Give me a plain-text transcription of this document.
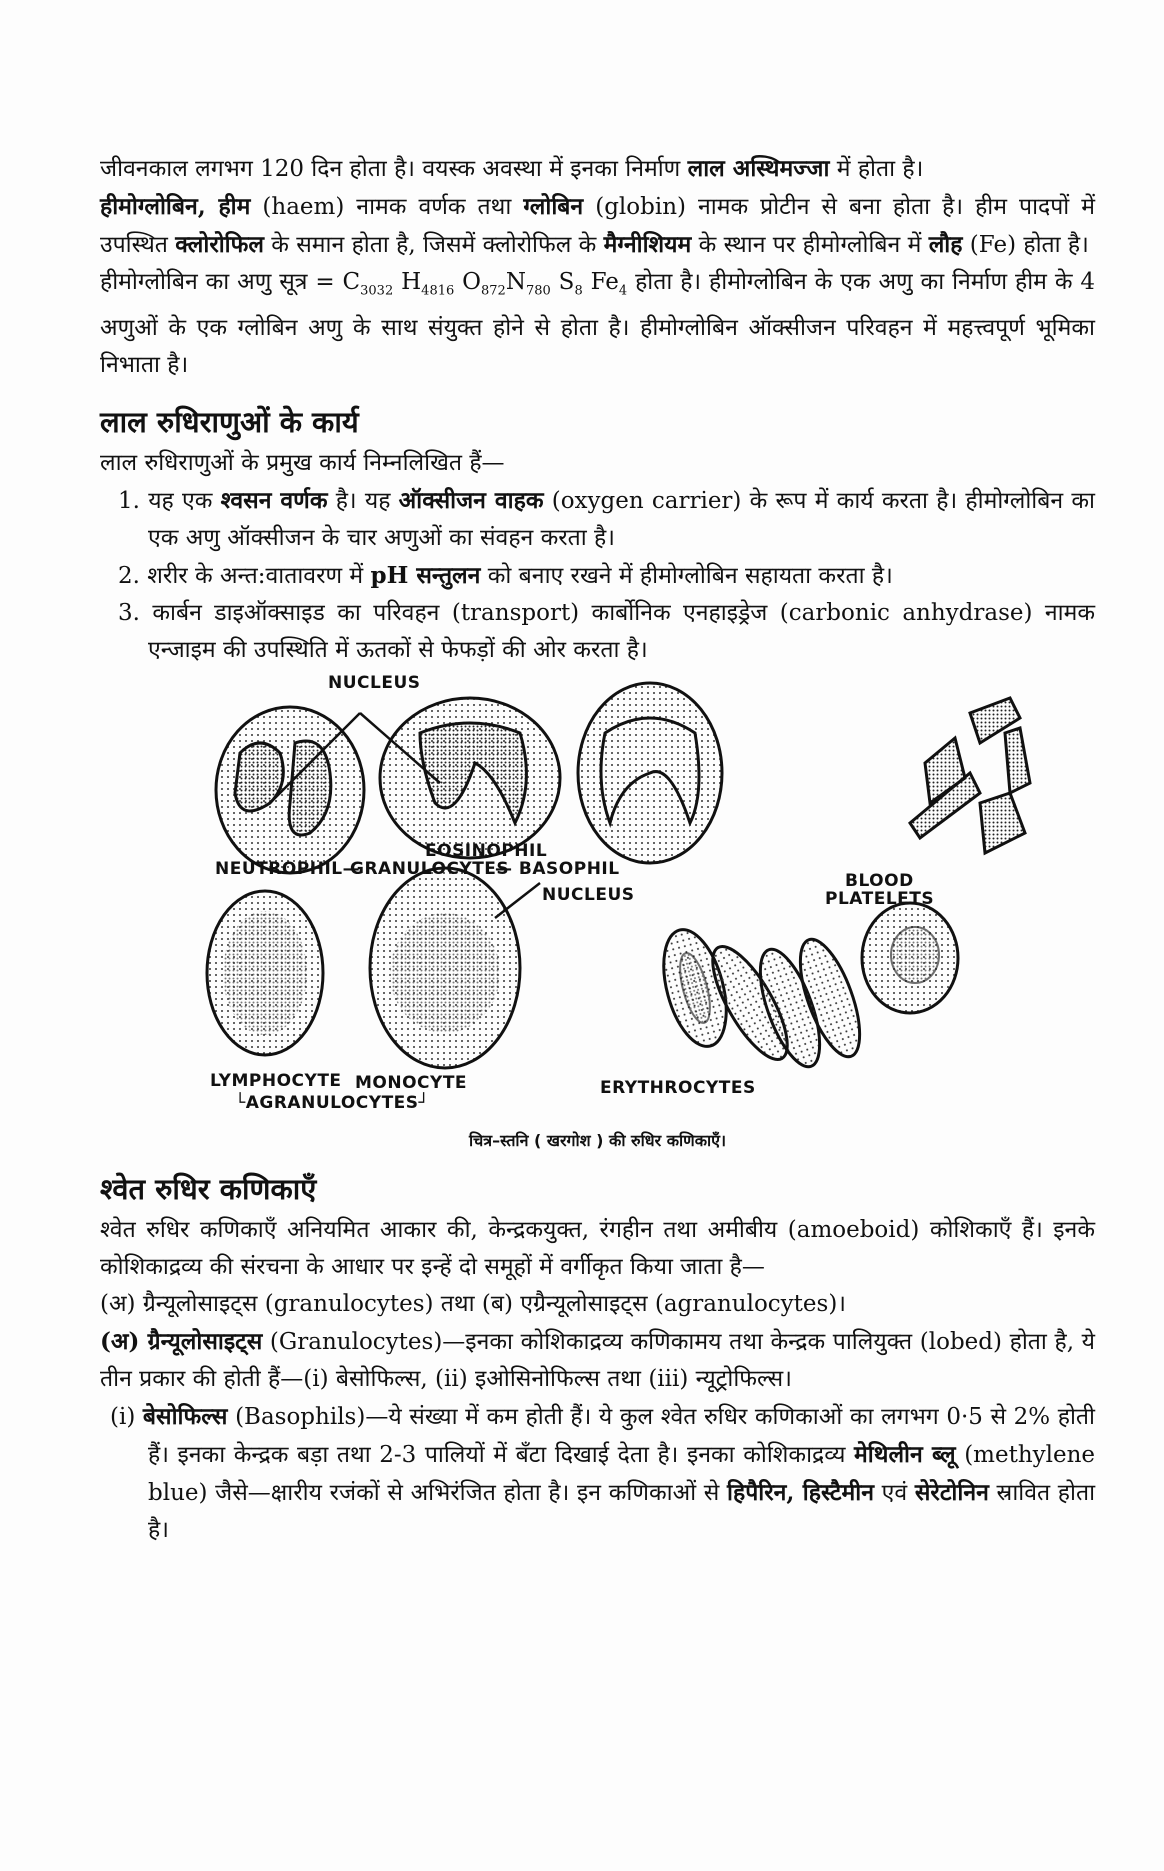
जीवनकाल लगभग 120 दिन होता है। वयस्क अवस्था में इनका निर्माण लाल अस्थिमज्जा में होता है।

हीमोग्लोबिन, हीम (haem) नामक वर्णक तथा ग्लोबिन (globin) नामक प्रोटीन से बना होता है। हीम पादपों में उपस्थित क्लोरोफिल के समान होता है, जिसमें क्लोरोफिल के मैग्नीशियम के स्थान पर हीमोग्लोबिन में लौह (Fe) होता है।

हीमोग्लोबिन का अणु सूत्र = $C_{3032}$ $H_{4816}$ $O_{872}N_{780}$ $S_8$ $Fe_4$ होता है। हीमोग्लोबिन के एक अणु का निर्माण हीम के 4 अणुओं के एक ग्लोबिन अणु के साथ संयुक्त होने से होता है। हीमोग्लोबिन ऑक्सीजन परिवहन में महत्त्वपूर्ण भूमिका निभाता है।

लाल रुधिराणुओं के कार्य

लाल रुधिराणुओं के प्रमुख कार्य निम्नलिखित हैं—

1. यह एक श्वसन वर्णक है। यह ऑक्सीजन वाहक (oxygen carrier) के रूप में कार्य करता है। हीमोग्लोबिन का एक अणु ऑक्सीजन के चार अणुओं का संवहन करता है।
2. शरीर के अन्त:वातावरण में pH सन्तुलन को बनाए रखने में हीमोग्लोबिन सहायता करता है।
3. कार्बन डाइऑक्साइड का परिवहन (transport) कार्बोनिक एनहाइड्रेज (carbonic anhydrase) नामक एन्जाइम की उपस्थिति में ऊतकों से फेफड़ों की ओर करता है।
NUCLEUS
EOSINOPHIL
NEUTROPHIL—
GRANULOCYTES
— BASOPHIL
BLOOD
PLATELETS
NUCLEUS
LYMPHOCYTE MONOCYTE
└AGRANULOCYTES┘
ERYTHROCYTES
चित्र–स्तनि ( खरगोश ) की रुधिर कणिकाएँ।
श्वेत रुधिर कणिकाएँ

श्वेत रुधिर कणिकाएँ अनियमित आकार की, केन्द्रकयुक्त, रंगहीन तथा अमीबीय (amoeboid) कोशिकाएँ हैं। इनके कोशिकाद्रव्य की संरचना के आधार पर इन्हें दो समूहों में वर्गीकृत किया जाता है—

(अ) ग्रैन्यूलोसाइट्स (granulocytes) तथा (ब) एग्रैन्यूलोसाइट्स (agranulocytes)।

(अ) ग्रैन्यूलोसाइट्स (Granulocytes)—इनका कोशिकाद्रव्य कणिकामय तथा केन्द्रक पालियुक्त (lobed) होता है, ये तीन प्रकार की होती हैं—(i) बेसोफिल्स, (ii) इओसिनोफिल्स तथा (iii) न्यूट्रोफिल्स।

(i) बेसोफिल्स (Basophils)—ये संख्या में कम होती हैं। ये कुल श्वेत रुधिर कणिकाओं का लगभग 0·5 से 2% होती हैं। इनका केन्द्रक बड़ा तथा 2-3 पालियों में बँटा दिखाई देता है। इनका कोशिकाद्रव्य मेथिलीन ब्लू (methylene blue) जैसे—क्षारीय रजंकों से अभिरंजित होता है। इन कणिकाओं से हिपैरिन, हिस्टैमीन एवं सेरेटोनिन स्रावित होता है।
